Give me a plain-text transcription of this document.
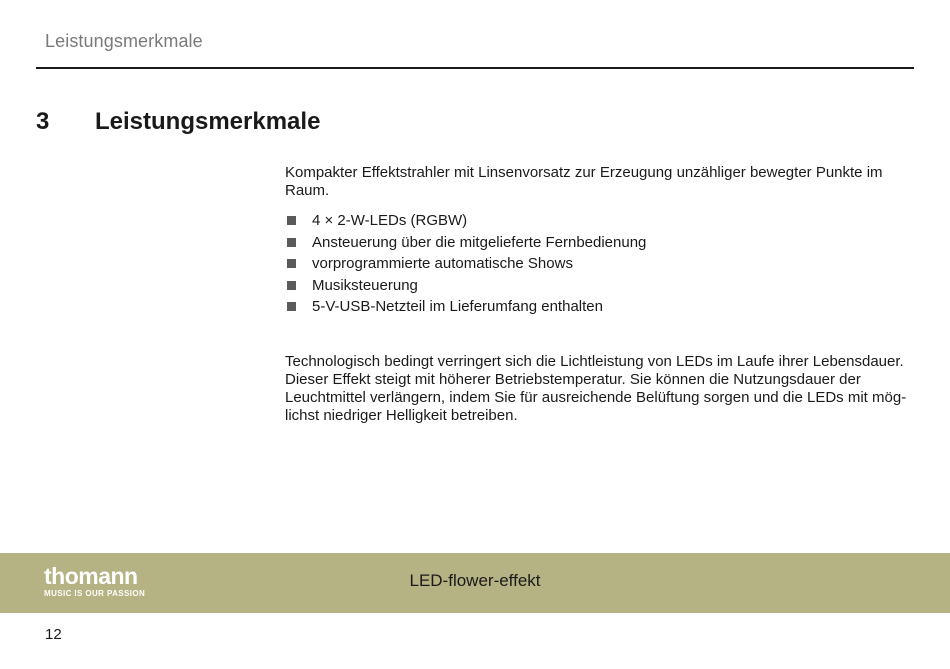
Leistungsmerkmale
3 Leistungsmerkmale

Kompakter Effektstrahler mit Linsenvorsatz zur Erzeugung unzähliger bewegter Punkte im Raum.

4 × 2-W-LEDs (RGBW)
Ansteuerung über die mitgelieferte Fernbedienung
vorprogrammierte automatische Shows
Musiksteuerung
5-V-USB-Netzteil im Lieferumfang enthalten

Technologisch bedingt verringert sich die Lichtleistung von LEDs im Laufe ihrer Lebensdauer. Dieser Effekt steigt mit höherer Betriebstemperatur. Sie können die Nutzungsdauer der Leuchtmittel verlängern, indem Sie für ausreichende Belüftung sorgen und die LEDs mit möglichst niedriger Helligkeit betreiben.

thomann
MUSIC IS OUR PASSION
LED-flower-effekt
12
